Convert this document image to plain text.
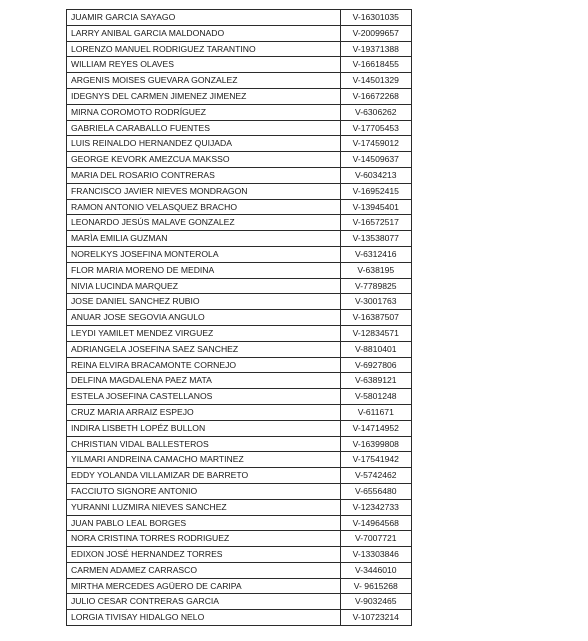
JUAMIR GARCIA SAYAGO	V-16301035
LARRY ANIBAL GARCIA MALDONADO	V-20099657
LORENZO MANUEL RODRIGUEZ TARANTINO	V-19371388
WILLIAM REYES OLAVES	V-16618455
ARGENIS MOISES GUEVARA GONZALEZ	V-14501329
IDEGNYS DEL CARMEN JIMENEZ JIMENEZ	V-16672268
MIRNA COROMOTO RODRÍGUEZ	V-6306262
GABRIELA CARABALLO FUENTES	V-17705453
LUIS REINALDO HERNANDEZ QUIJADA	V-17459012
GEORGE KEVORK AMEZCUA MAKSSO	V-14509637
MARIA DEL ROSARIO CONTRERAS	V-6034213
FRANCISCO JAVIER NIEVES MONDRAGON	V-16952415
RAMON ANTONIO VELASQUEZ BRACHO	V-13945401
LEONARDO JESÚS MALAVE GONZALEZ	V-16572517
MARÌA EMILIA GUZMAN	V-13538077
NORELKYS JOSEFINA MONTEROLA	V-6312416
FLOR MARIA MORENO DE MEDINA	V-638195
NIVIA LUCINDA MARQUEZ	V-7789825
JOSE DANIEL SANCHEZ RUBIO	V-3001763
ANUAR JOSE SEGOVIA ANGULO	V-16387507
LEYDI YAMILET MENDEZ VIRGUEZ	V-12834571
ADRIANGELA JOSEFINA SAEZ SANCHEZ	V-8810401
REINA ELVIRA BRACAMONTE CORNEJO	V-6927806
DELFINA MAGDALENA PAEZ MATA	V-6389121
ESTELA JOSEFINA CASTELLANOS	V-5801248
CRUZ MARIA ARRAIZ ESPEJO	V-611671
INDIRA LISBETH LOPÉZ BULLON	V-14714952
CHRISTIAN VIDAL BALLESTEROS	V-16399808
YILMARI ANDREINA CAMACHO MARTINEZ	V-17541942
EDDY YOLANDA VILLAMIZAR DE BARRETO	V-5742462
FACCIUTO SIGNORE ANTONIO	V-6556480
YURANNI LUZMIRA NIEVES SANCHEZ	V-12342733
JUAN PABLO LEAL BORGES	V-14964568
NORA CRISTINA TORRES RODRIGUEZ	V-7007721
EDIXON JOSÉ HERNANDEZ TORRES	V-13303846
CARMEN ADAMEZ CARRASCO	V-3446010
MIRTHA MERCEDES AGÜERO DE CARIPA	V- 9615268
JULIO CESAR CONTRERAS GARCIA	V-9032465
LORGIA TIVISAY HIDALGO NELO	V-10723214
